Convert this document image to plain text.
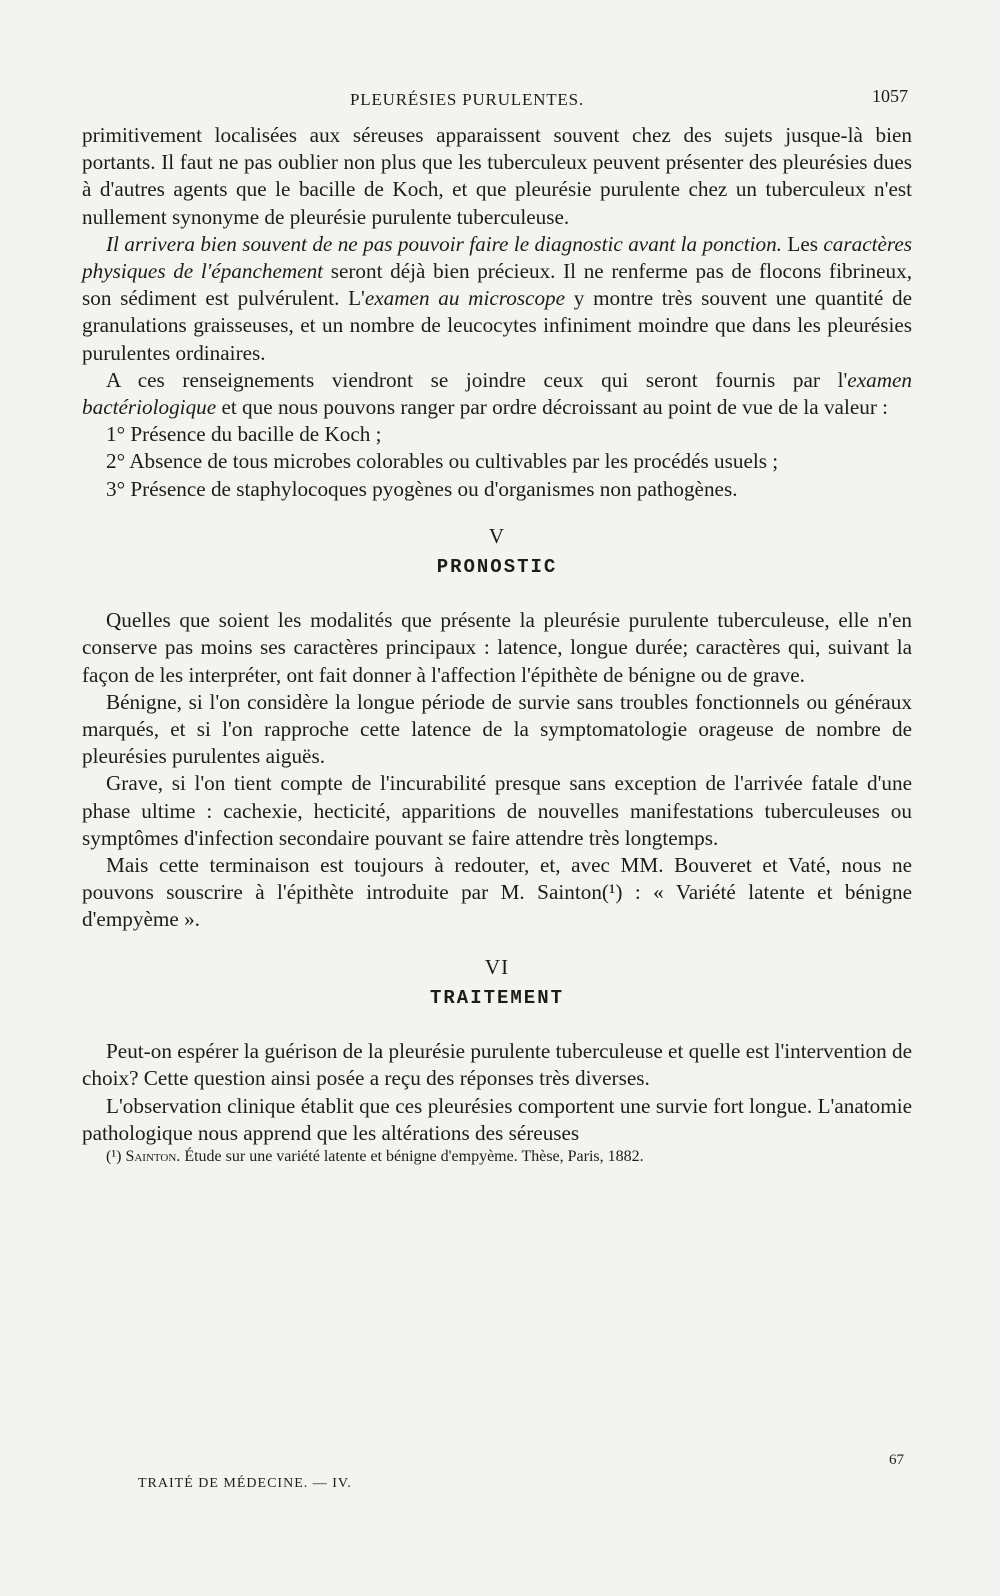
PLEURÉSIES PURULENTES.	1057

primitivement localisées aux séreuses apparaissent souvent chez des sujets jusque-là bien portants. Il faut ne pas oublier non plus que les tuberculeux peuvent présenter des pleurésies dues à d'autres agents que le bacille de Koch, et que pleurésie purulente chez un tuberculeux n'est nullement synonyme de pleurésie purulente tuberculeuse.

Il arrivera bien souvent de ne pas pouvoir faire le diagnostic avant la ponction. Les caractères physiques de l'épanchement seront déjà bien précieux. Il ne renferme pas de flocons fibrineux, son sédiment est pulvérulent. L'examen au microscope y montre très souvent une quantité de granulations graisseuses, et un nombre de leucocytes infiniment moindre que dans les pleurésies purulentes ordinaires.

A ces renseignements viendront se joindre ceux qui seront fournis par l'examen bactériologique et que nous pouvons ranger par ordre décroissant au point de vue de la valeur :

1° Présence du bacille de Koch ;

2° Absence de tous microbes colorables ou cultivables par les procédés usuels ;

3° Présence de staphylocoques pyogènes ou d'organismes non pathogènes.

V
PRONOSTIC

Quelles que soient les modalités que présente la pleurésie purulente tuberculeuse, elle n'en conserve pas moins ses caractères principaux : latence, longue durée; caractères qui, suivant la façon de les interpréter, ont fait donner à l'affection l'épithète de bénigne ou de grave.

Bénigne, si l'on considère la longue période de survie sans troubles fonctionnels ou généraux marqués, et si l'on rapproche cette latence de la symptomatologie orageuse de nombre de pleurésies purulentes aiguës.

Grave, si l'on tient compte de l'incurabilité presque sans exception de l'arrivée fatale d'une phase ultime : cachexie, hecticité, apparitions de nouvelles manifestations tuberculeuses ou symptômes d'infection secondaire pouvant se faire attendre très longtemps.

Mais cette terminaison est toujours à redouter, et, avec MM. Bouveret et Vaté, nous ne pouvons souscrire à l'épithète introduite par M. Sainton(¹) : « Variété latente et bénigne d'empyème ».

VI
TRAITEMENT

Peut-on espérer la guérison de la pleurésie purulente tuberculeuse et quelle est l'intervention de choix? Cette question ainsi posée a reçu des réponses très diverses.

L'observation clinique établit que ces pleurésies comportent une survie fort longue. L'anatomie pathologique nous apprend que les altérations des séreuses

(¹) Sainton. Étude sur une variété latente et bénigne d'empyème. Thèse, Paris, 1882.

67
TRAITÉ DE MÉDECINE. — IV.
